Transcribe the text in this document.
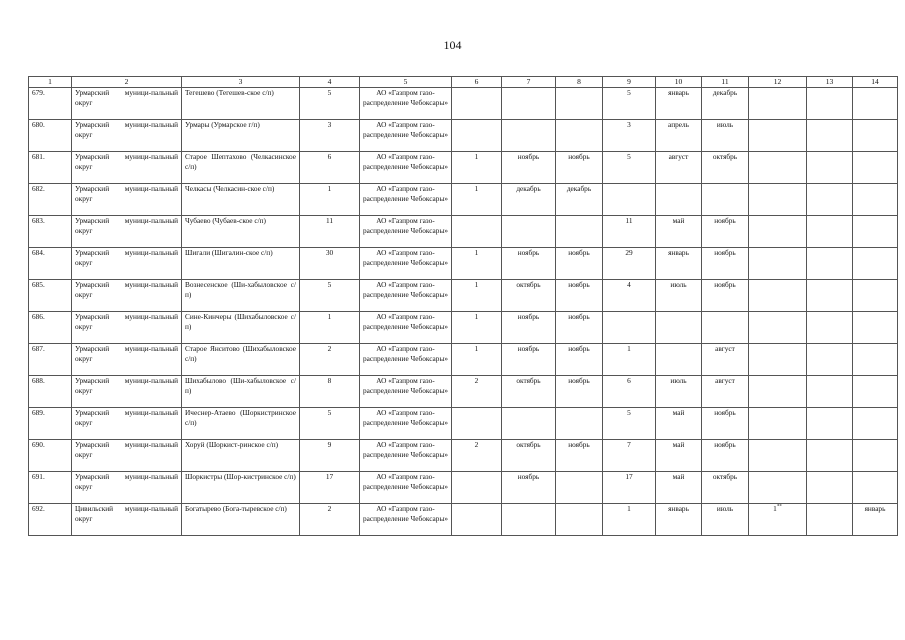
104
1	2	3	4	5	6	7	8	9	10	11	12	13	14
679.	Урмарский муници-пальный округ	Тегешево (Тегешев-ское с/п)	5	АО «Газпром газо-распределение Чебоксары»				5	январь	декабрь			
680.	Урмарский муници-пальный округ	Урмары (Урмарское г/п)	3	АО «Газпром газо-распределение Чебоксары»				3	апрель	июль			
681.	Урмарский муници-пальный округ	Старое Шептахово (Челкасинское с/п)	6	АО «Газпром газо-распределение Чебоксары»	1	ноябрь	ноябрь	5	август	октябрь			
682.	Урмарский муници-пальный округ	Челкасы (Челкасин-ское с/п)	1	АО «Газпром газо-распределение Чебоксары»	1	декабрь	декабрь						
683.	Урмарский муници-пальный округ	Чубаево (Чубаев-ское с/п)	11	АО «Газпром газо-распределение Чебоксары»				11	май	ноябрь			
684.	Урмарский муници-пальный округ	Шигали (Шигалин-ское с/п)	30	АО «Газпром газо-распределение Чебоксары»	1	ноябрь	ноябрь	29	январь	ноябрь			
685.	Урмарский муници-пальный округ	Вознесенское (Ши-хабыловское с/п)	5	АО «Газпром газо-распределение Чебоксары»	1	октябрь	ноябрь	4	июль	ноябрь			
686.	Урмарский муници-пальный округ	Сине-Кинчеры (Шихабыловское с/п)	1	АО «Газпром газо-распределение Чебоксары»	1	ноябрь	ноябрь						
687.	Урмарский муници-пальный округ	Старое Янситово (Шихабыловское с/п)	2	АО «Газпром газо-распределение Чебоксары»	1	ноябрь	ноябрь	1		август			
688.	Урмарский муници-пальный округ	Шихабылово (Ши-хабыловское с/п)	8	АО «Газпром газо-распределение Чебоксары»	2	октябрь	ноябрь	6	июль	август			
689.	Урмарский муници-пальный округ	Ичеснер-Атаево (Шоркистринское с/п)	5	АО «Газпром газо-распределение Чебоксары»				5	май	ноябрь			
690.	Урмарский муници-пальный округ	Хоруй (Шоркист-ринское с/п)	9	АО «Газпром газо-распределение Чебоксары»	2	октябрь	ноябрь	7	май	ноябрь			
691.	Урмарский муници-пальный округ	Шоркистры (Шор-кистринское с/п)	17	АО «Газпром газо-распределение Чебоксары»		ноябрь		17	май	октябрь			
692.	Цивильский муници-пальный округ	Богатырево (Бога-тыревское с/п)	2	АО «Газпром газо-распределение Чебоксары»				1	январь	июль	1**		январь
